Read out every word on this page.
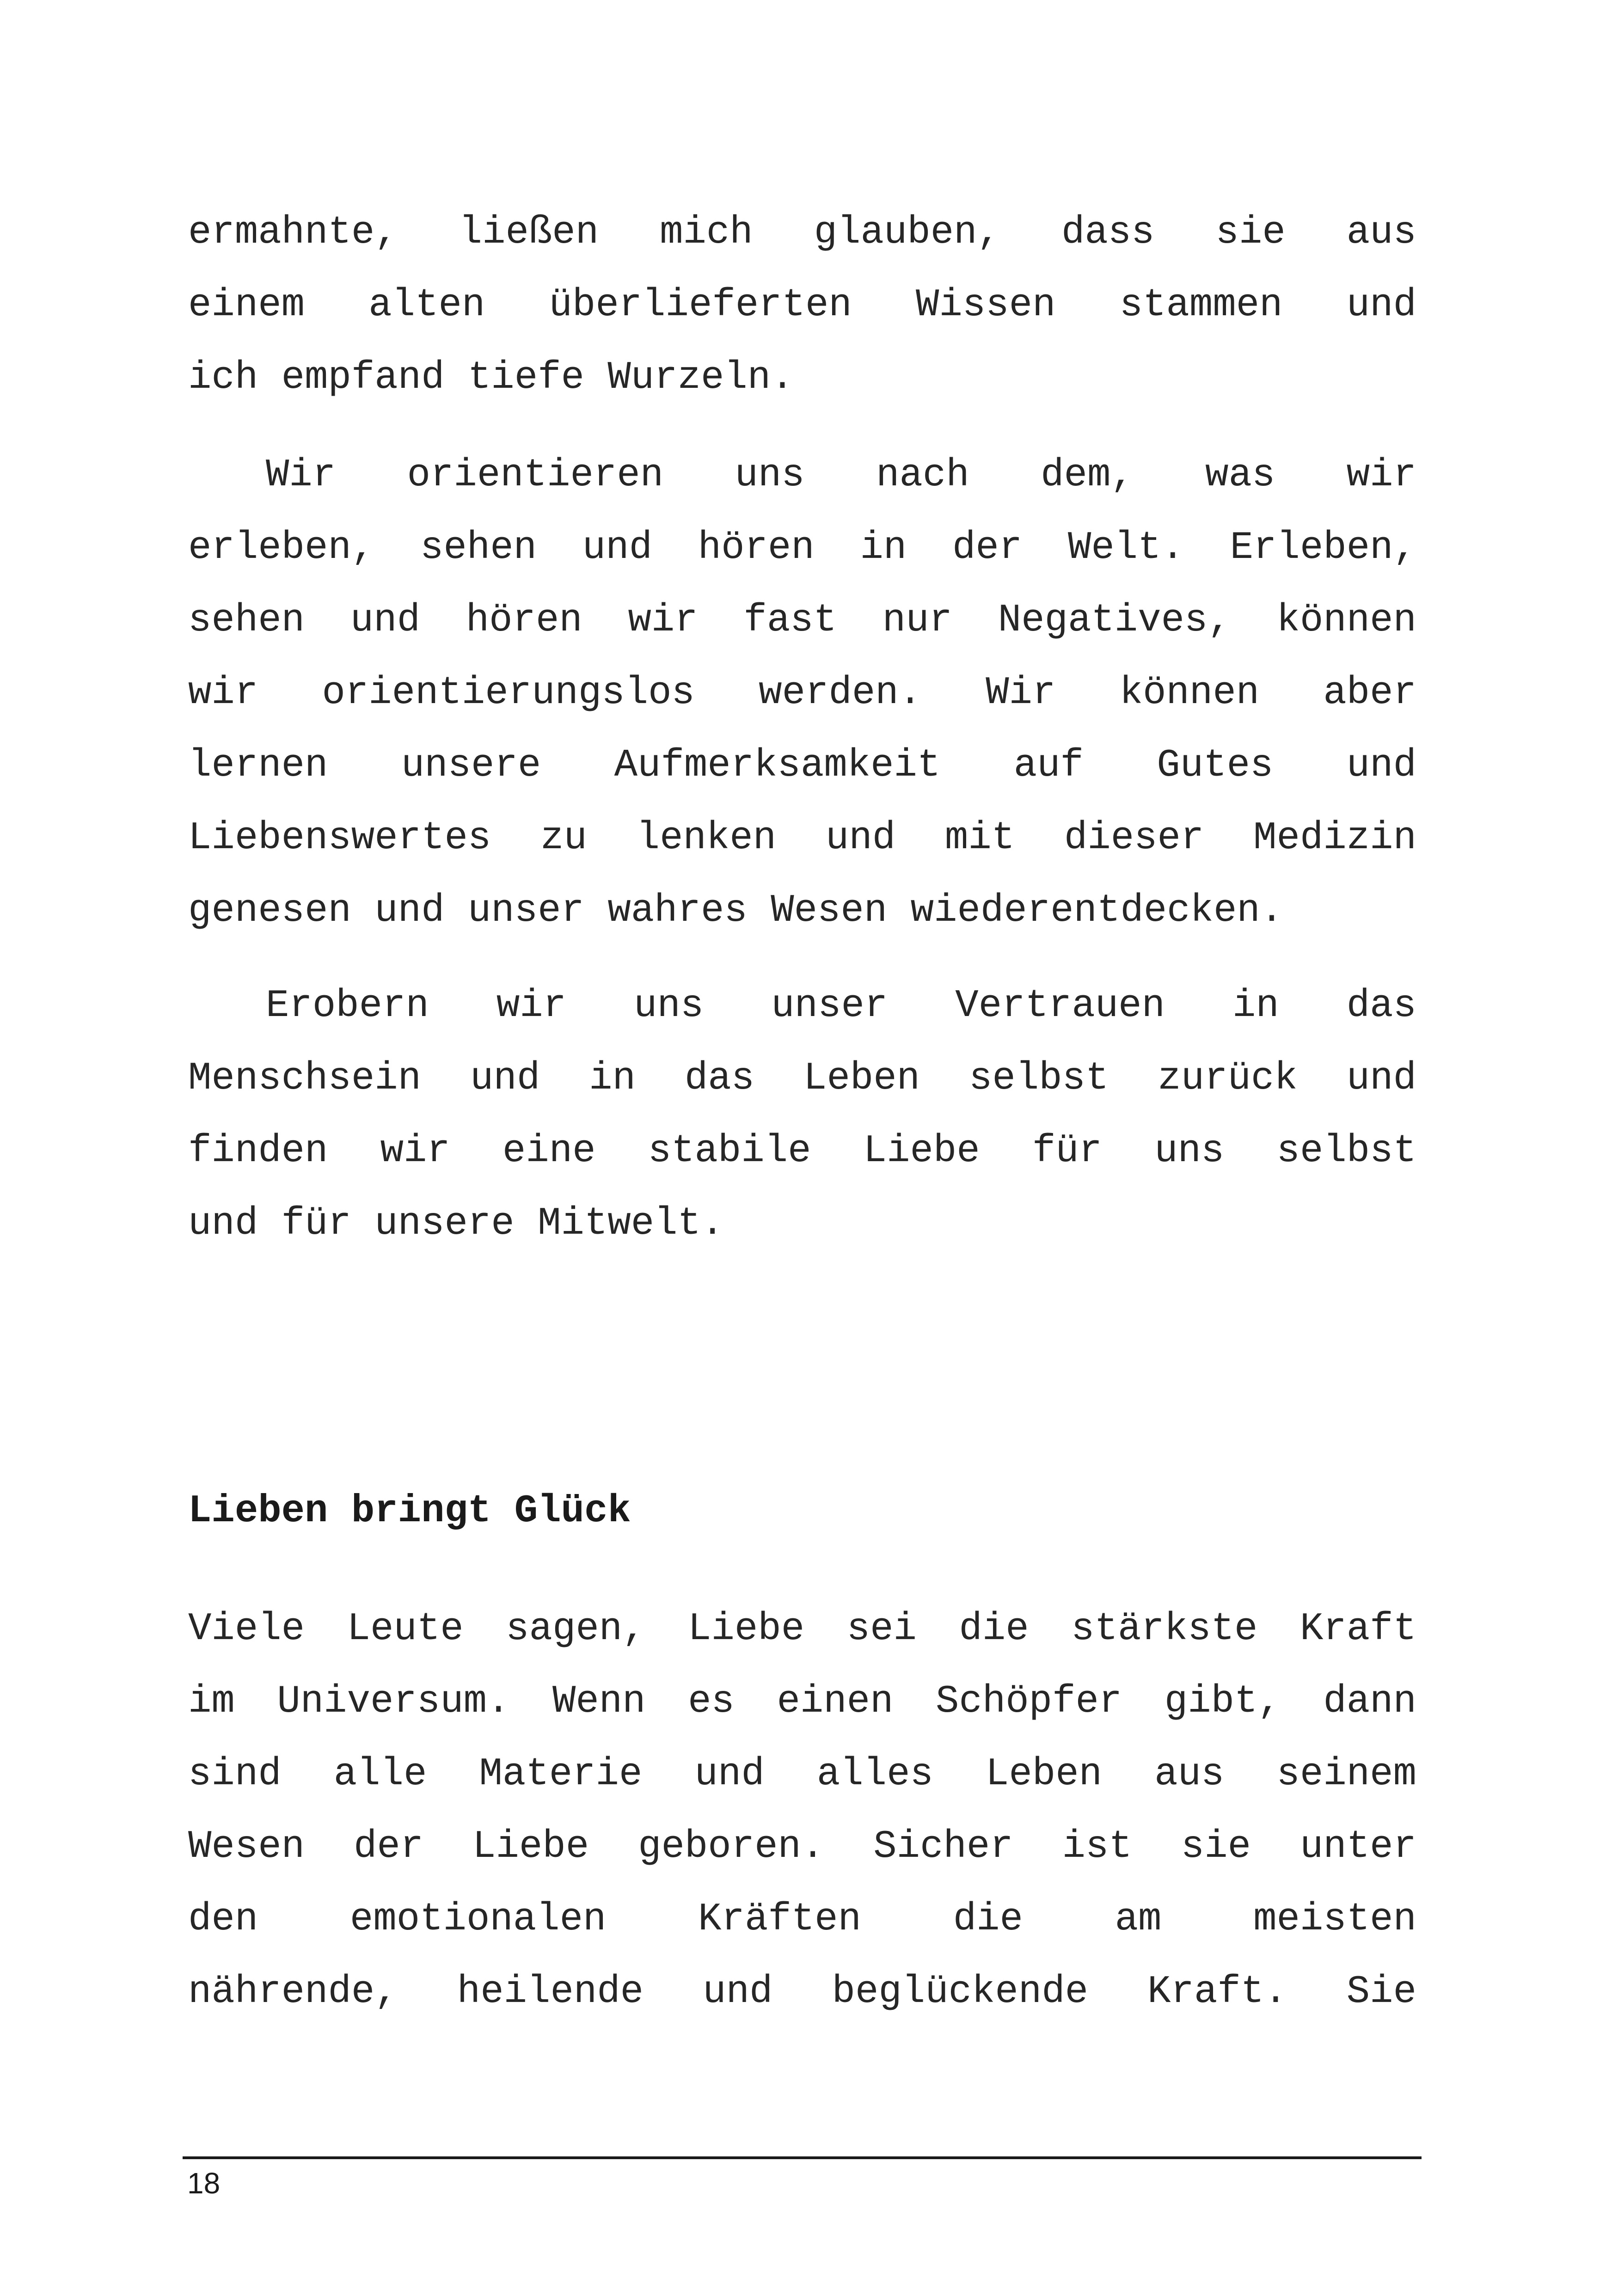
ermahnte, ließen mich glauben, dass sie aus
einem alten überlieferten Wissen stammen und
ich empfand tiefe Wurzeln.
Wir orientieren uns nach dem, was wir
erleben, sehen und hören in der Welt. Erleben,
sehen und hören wir fast nur Negatives, können
wir orientierungslos werden. Wir können aber
lernen unsere Aufmerksamkeit auf Gutes und
Liebenswertes zu lenken und mit dieser Medizin
genesen und unser wahres Wesen wiederentdecken.
Erobern wir uns unser Vertrauen in das
Menschsein und in das Leben selbst zurück und
finden wir eine stabile Liebe für uns selbst
und für unsere Mitwelt.
Lieben bringt Glück
Viele Leute sagen, Liebe sei die stärkste Kraft
im Universum. Wenn es einen Schöpfer gibt, dann
sind alle Materie und alles Leben aus seinem
Wesen der Liebe geboren. Sicher ist sie unter
den emotionalen Kräften die am meisten
nährende, heilende und beglückende Kraft. Sie
18
